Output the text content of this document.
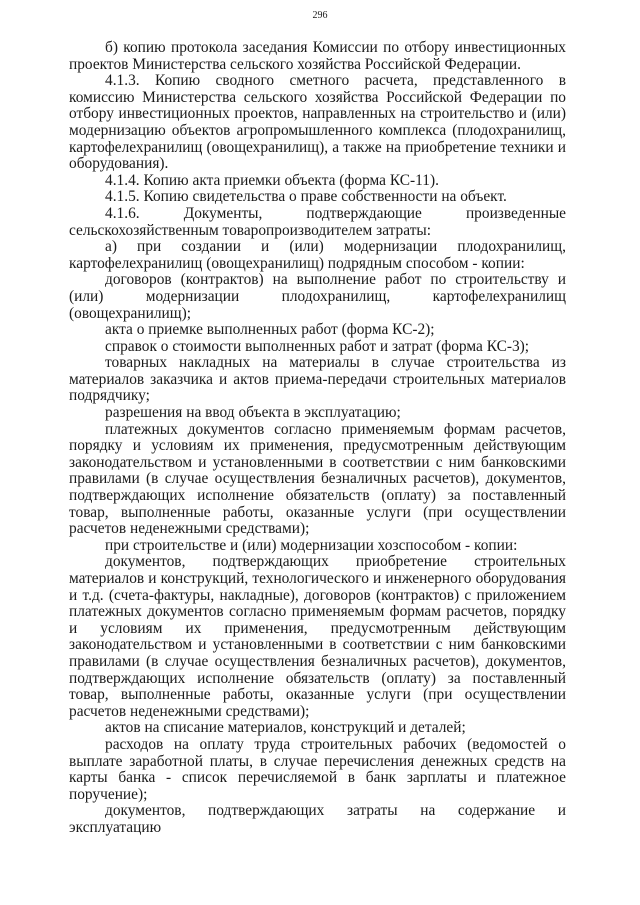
296

б) копию протокола заседания Комиссии по отбору инвестиционных проектов Министерства сельского хозяйства Российской Федерации.

4.1.3. Копию сводного сметного расчета, представленного в комиссию Министерства сельского хозяйства Российской Федерации по отбору инвестиционных проектов, направленных на строительство и (или) модернизацию объектов агропромышленного комплекса (плодохранилищ, картофелехранилищ (овощехранилищ), а также на приобретение техники и оборудования).

4.1.4. Копию акта приемки объекта (форма КС-11).

4.1.5. Копию свидетельства о праве собственности на объект.

4.1.6. Документы, подтверждающие произведенные сельскохозяйственным товаропроизводителем затраты:

а) при создании и (или) модернизации плодохранилищ, картофелехранилищ (овощехранилищ) подрядным способом - копии:

договоров (контрактов) на выполнение работ по строительству и (или) модернизации плодохранилищ, картофелехранилищ (овощехранилищ);

акта о приемке выполненных работ (форма КС-2);

справок о стоимости выполненных работ и затрат (форма КС-3);

товарных накладных на материалы в случае строительства из материалов заказчика и актов приема-передачи строительных материалов подрядчику;

разрешения на ввод объекта в эксплуатацию;

платежных документов согласно применяемым формам расчетов, порядку и условиям их применения, предусмотренным действующим законодательством и установленными в соответствии с ним банковскими правилами (в случае осуществления безналичных расчетов), документов, подтверждающих исполнение обязательств (оплату) за поставленный товар, выполненные работы, оказанные услуги (при осуществлении расчетов неденежными средствами);

при строительстве и (или) модернизации хозспособом - копии:

документов, подтверждающих приобретение строительных материалов и конструкций, технологического и инженерного оборудования и т.д. (счета-фактуры, накладные), договоров (контрактов) с приложением платежных документов согласно применяемым формам расчетов, порядку и условиям их применения, предусмотренным действующим законодательством и установленными в соответствии с ним банковскими правилами (в случае осуществления безналичных расчетов), документов, подтверждающих исполнение обязательств (оплату) за поставленный товар, выполненные работы, оказанные услуги (при осуществлении расчетов неденежными средствами);

актов на списание материалов, конструкций и деталей;

расходов на оплату труда строительных рабочих (ведомостей о выплате заработной платы, в случае перечисления денежных средств на карты банка - список перечисляемой в банк зарплаты и платежное поручение);

документов, подтверждающих затраты на содержание и эксплуатацию
